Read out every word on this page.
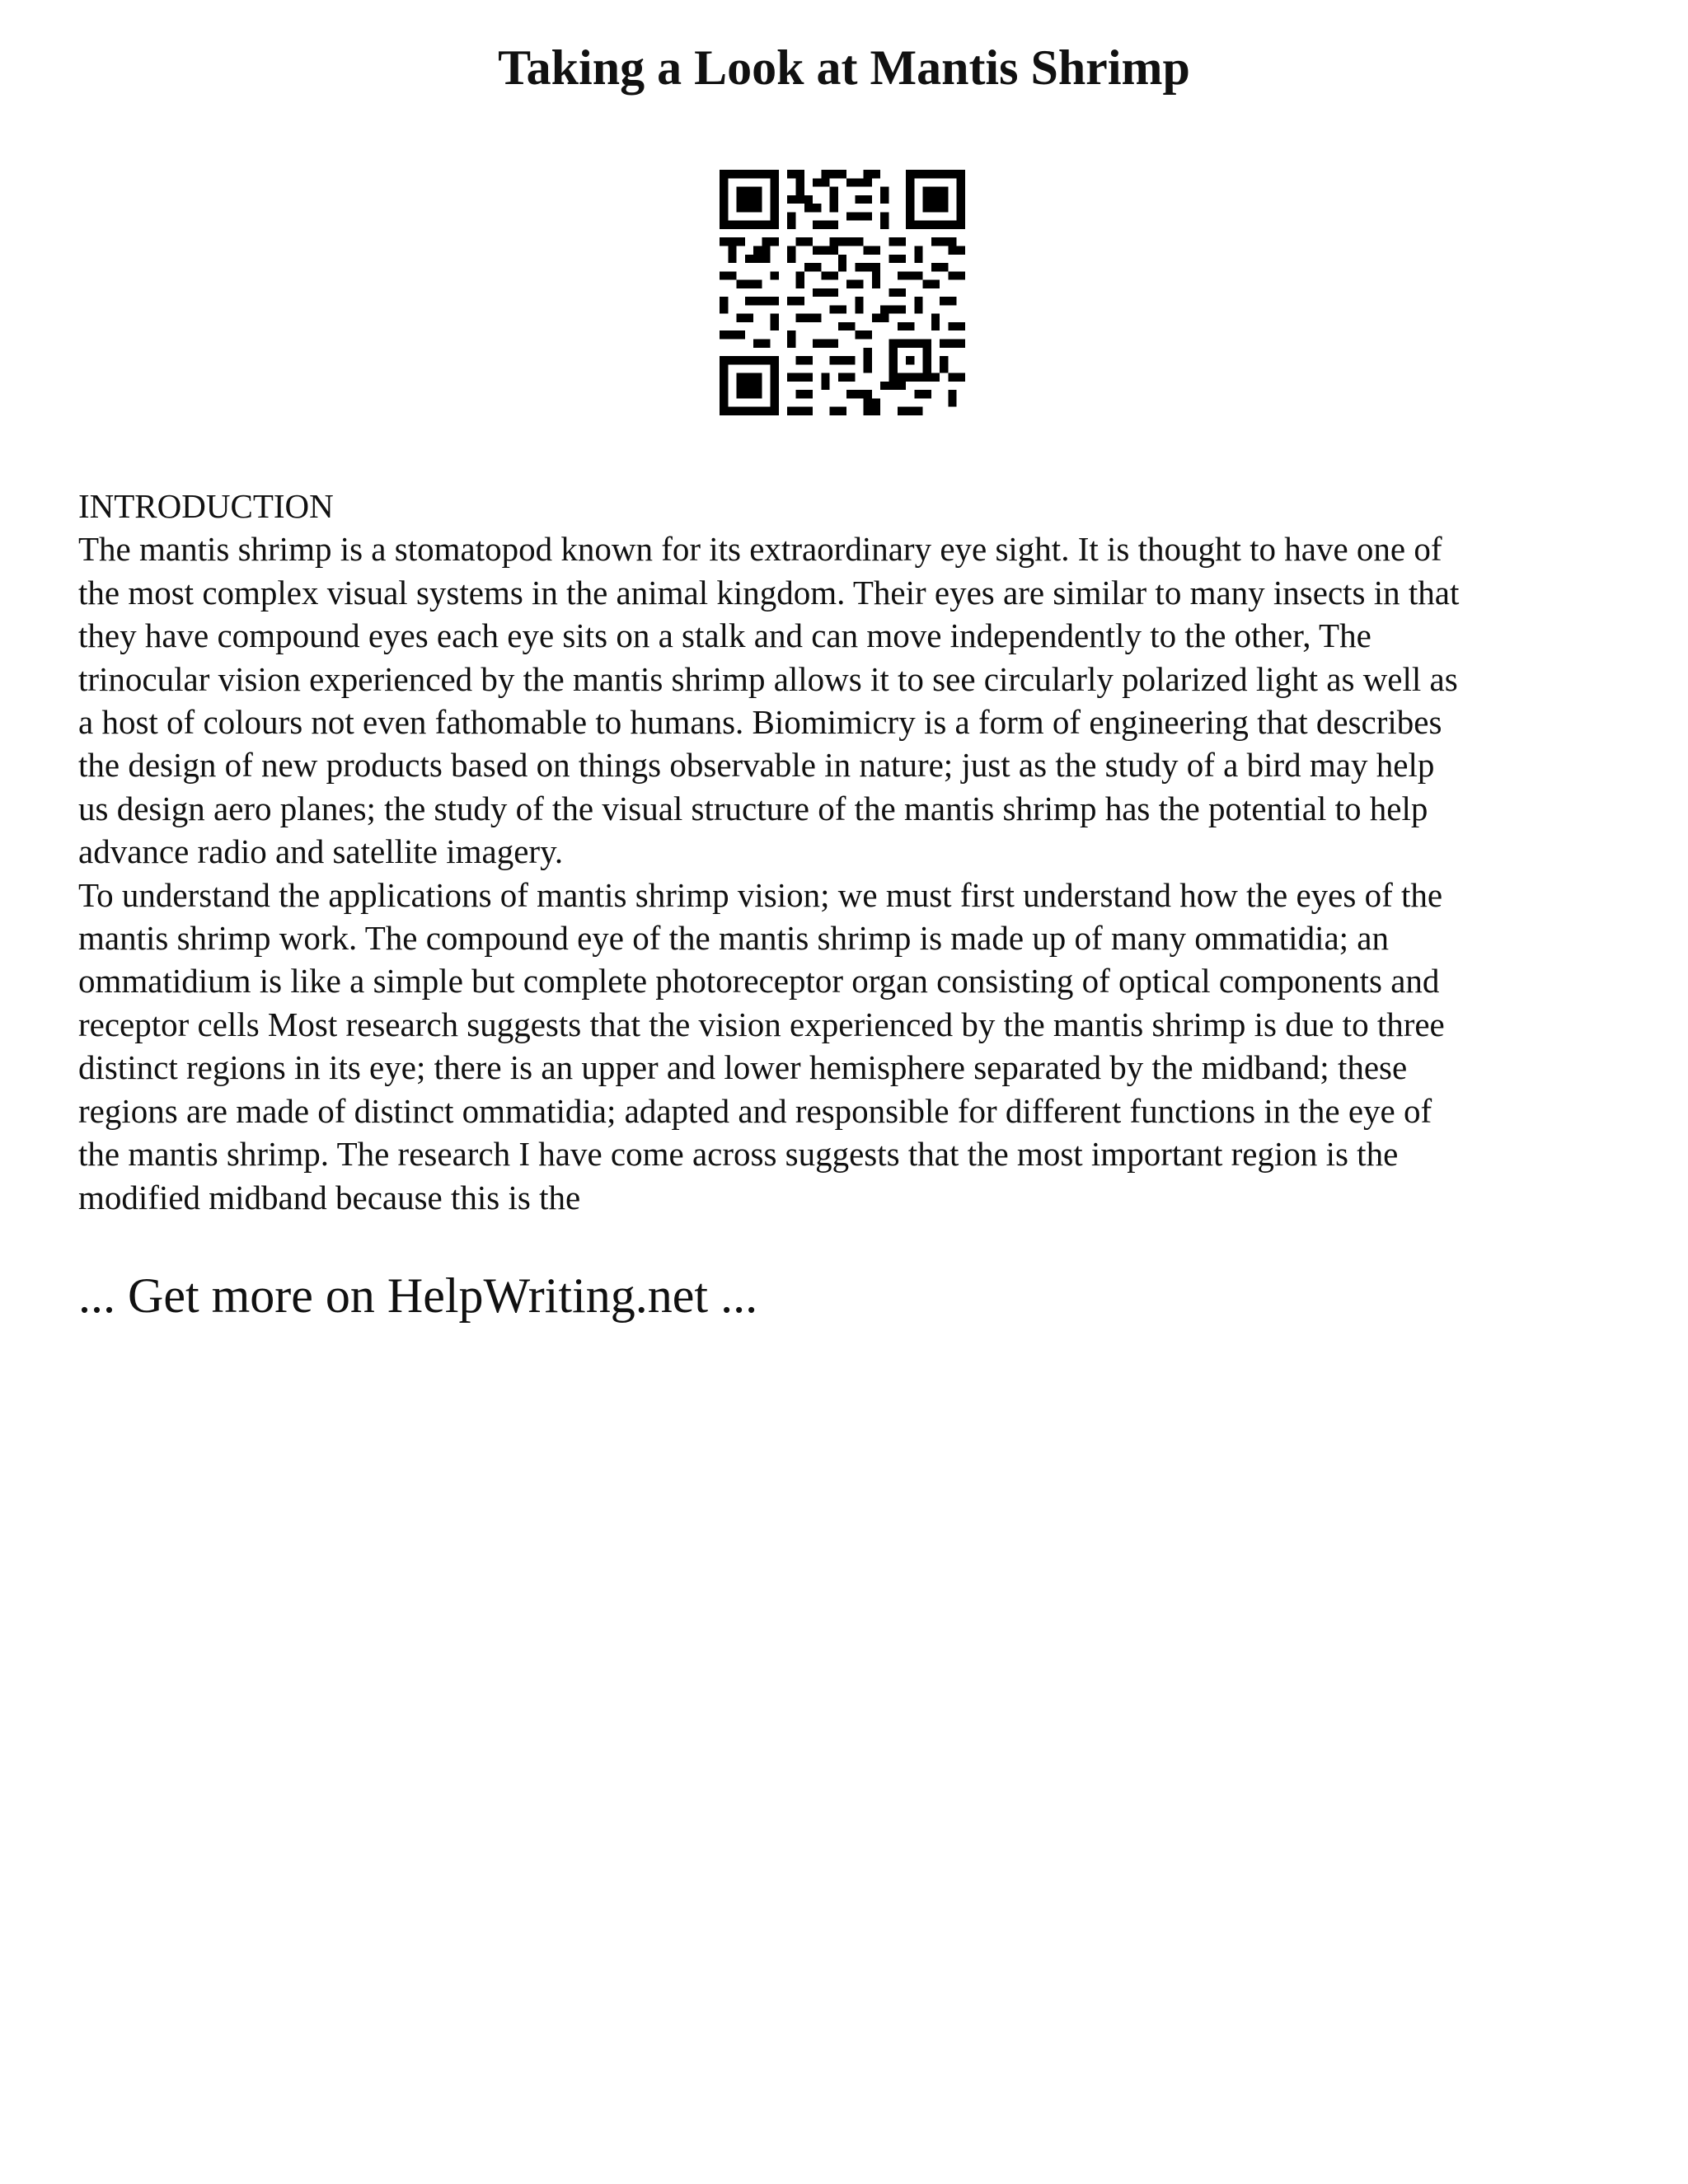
Taking a Look at Mantis Shrimp
INTRODUCTION
The mantis shrimp is a stomatopod known for its extraordinary eye sight. It is thought to have one of
the most complex visual systems in the animal kingdom. Their eyes are similar to many insects in that
they have compound eyes each eye sits on a stalk and can move independently to the other, The
trinocular vision experienced by the mantis shrimp allows it to see circularly polarized light as well as
a host of colours not even fathomable to humans. Biomimicry is a form of engineering that describes
the design of new products based on things observable in nature; just as the study of a bird may help
us design aero planes; the study of the visual structure of the mantis shrimp has the potential to help
advance radio and satellite imagery.
To understand the applications of mantis shrimp vision; we must first understand how the eyes of the
mantis shrimp work. The compound eye of the mantis shrimp is made up of many ommatidia; an
ommatidium is like a simple but complete photoreceptor organ consisting of optical components and
receptor cells Most research suggests that the vision experienced by the mantis shrimp is due to three
distinct regions in its eye; there is an upper and lower hemisphere separated by the midband; these
regions are made of distinct ommatidia; adapted and responsible for different functions in the eye of
the mantis shrimp. The research I have come across suggests that the most important region is the
modified midband because this is the
... Get more on HelpWriting.net ...
